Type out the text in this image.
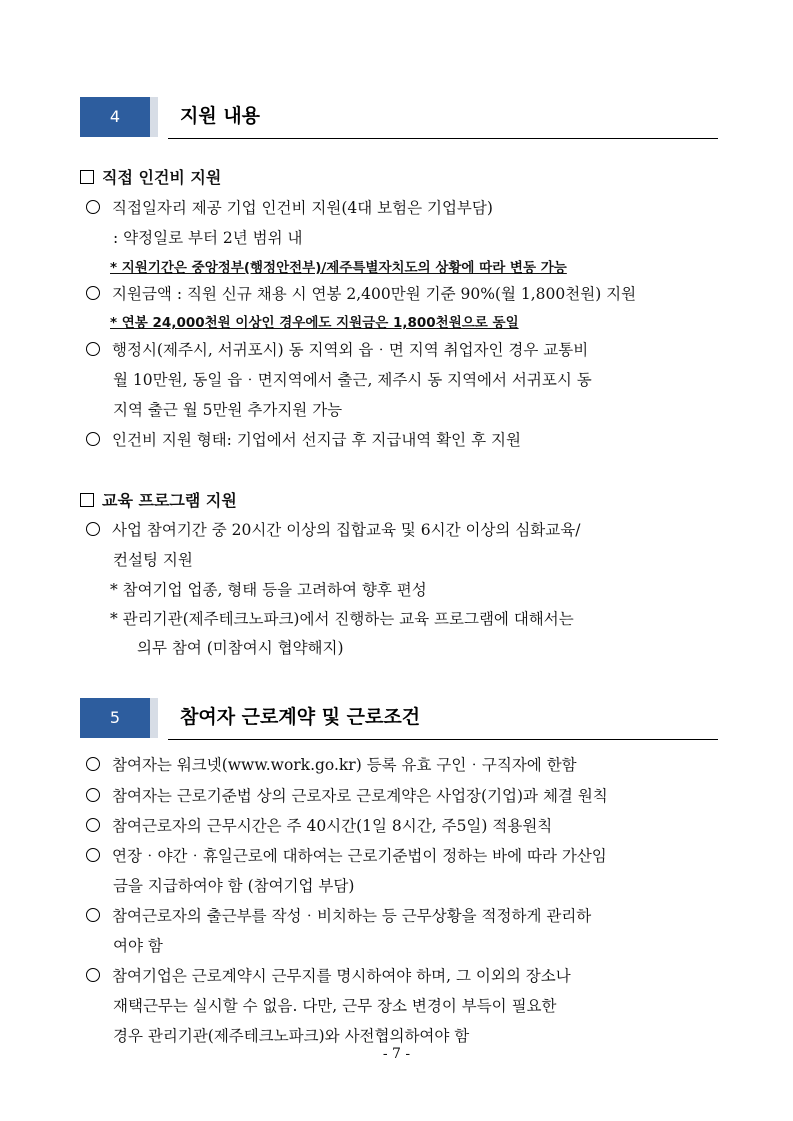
4	지원 내용
직접 인건비 지원
직접일자리 제공 기업 인건비 지원(4대 보험은 기업부담)
: 약정일로 부터 2년 범위 내
* 지원기간은 중앙정부(행정안전부)/제주특별자치도의 상황에 따라 변동 가능
지원금액 : 직원 신규 채용 시 연봉 2,400만원 기준 90%(월 1,800천원) 지원
* 연봉 24,000천원 이상인 경우에도 지원금은 1,800천원으로 동일
행정시(제주시, 서귀포시) 동 지역외 읍‧면 지역 취업자인 경우 교통비
월 10만원, 동일 읍‧면지역에서 출근, 제주시 동 지역에서 서귀포시 동
지역 출근 월 5만원 추가지원 가능
인건비 지원 형태: 기업에서 선지급 후 지급내역 확인 후 지원
교육 프로그램 지원
사업 참여기간 중 20시간 이상의 집합교육 및 6시간 이상의 심화교육/
컨설팅 지원
* 참여기업 업종, 형태 등을 고려하여 향후 편성
* 관리기관(제주테크노파크)에서 진행하는 교육 프로그램에 대해서는
의무 참여 (미참여시 협약해지)
5	참여자 근로계약 및 근로조건
참여자는 워크넷(www.work.go.kr) 등록 유효 구인‧구직자에 한함
참여자는 근로기준법 상의 근로자로 근로계약은 사업장(기업)과 체결 원칙
참여근로자의 근무시간은 주 40시간(1일 8시간, 주5일) 적용원칙
연장‧야간‧휴일근로에 대하여는 근로기준법이 정하는 바에 따라 가산임
금을 지급하여야 함 (참여기업 부담)
참여근로자의 출근부를 작성‧비치하는 등 근무상황을 적정하게 관리하
여야 함
참여기업은 근로계약시 근무지를 명시하여야 하며, 그 이외의 장소나
재택근무는 실시할 수 없음. 다만, 근무 장소 변경이 부득이 필요한
경우 관리기관(제주테크노파크)와 사전협의하여야 함
- 7 -
